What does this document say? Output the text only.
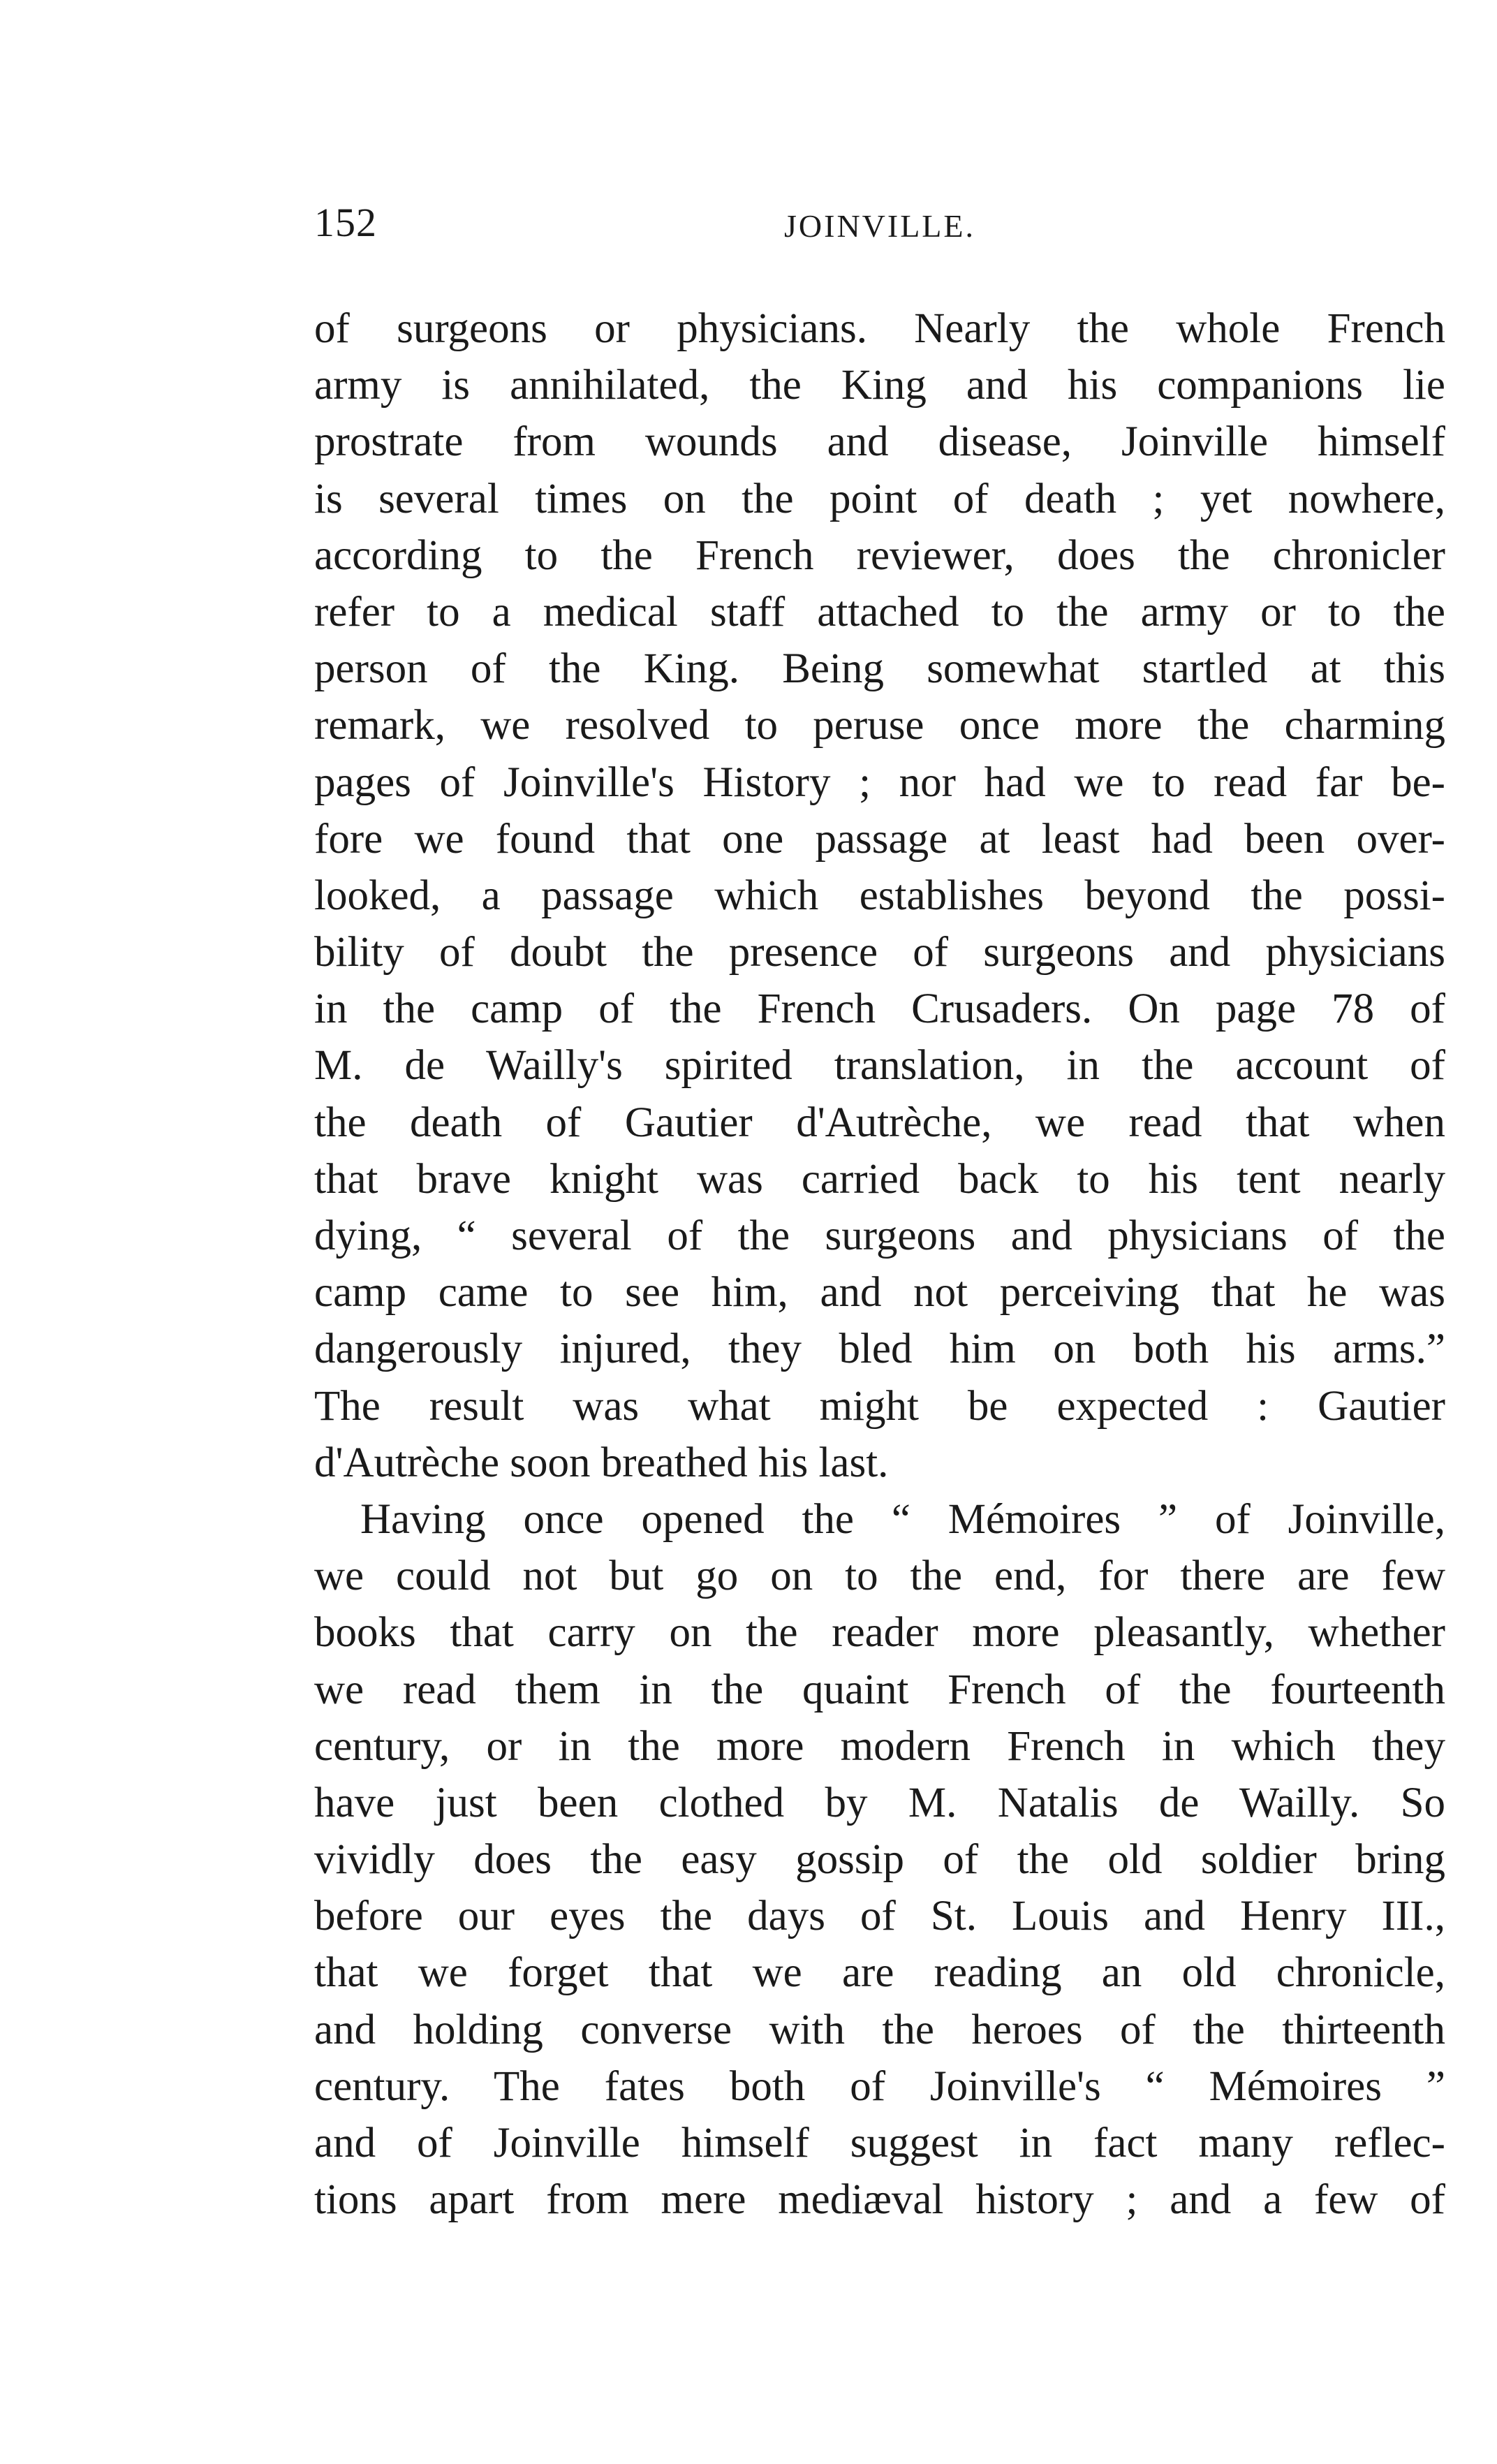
152	JOINVILLE.
of surgeons or physicians. Nearly the whole French
army is annihilated, the King and his companions lie
prostrate from wounds and disease, Joinville himself
is several times on the point of death ; yet nowhere,
according to the French reviewer, does the chronicler
refer to a medical staff attached to the army or to the
person of the King. Being somewhat startled at this
remark, we resolved to peruse once more the charming
pages of Joinville's History ; nor had we to read far be-
fore we found that one passage at least had been over-
looked, a passage which establishes beyond the possi-
bility of doubt the presence of surgeons and physicians
in the camp of the French Crusaders. On page 78 of
M. de Wailly's spirited translation, in the account of
the death of Gautier d'Autrèche, we read that when
that brave knight was carried back to his tent nearly
dying, “ several of the surgeons and physicians of the
camp came to see him, and not perceiving that he was
dangerously injured, they bled him on both his arms.”
The result was what might be expected : Gautier
d'Autrèche soon breathed his last.
Having once opened the “ Mémoires ” of Joinville,
we could not but go on to the end, for there are few
books that carry on the reader more pleasantly, whether
we read them in the quaint French of the fourteenth
century, or in the more modern French in which they
have just been clothed by M. Natalis de Wailly. So
vividly does the easy gossip of the old soldier bring
before our eyes the days of St. Louis and Henry III.,
that we forget that we are reading an old chronicle,
and holding converse with the heroes of the thirteenth
century. The fates both of Joinville's “ Mémoires ”
and of Joinville himself suggest in fact many reflec-
tions apart from mere mediæval history ; and a few of
